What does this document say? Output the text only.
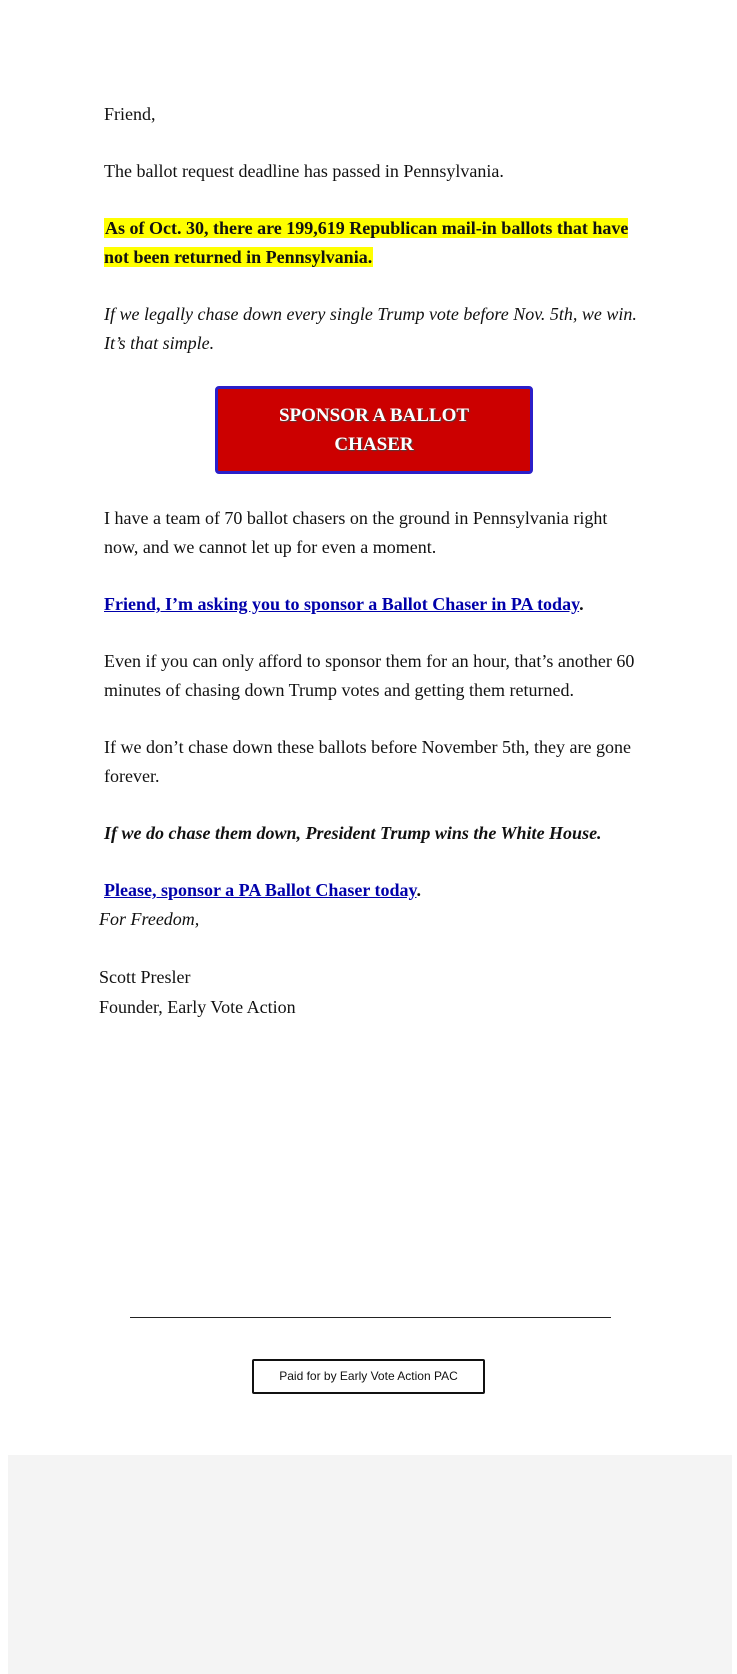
Friend,

The ballot request deadline has passed in Pennsylvania.

As of Oct. 30, there are 199,619 Republican mail-in ballots that have not been returned in Pennsylvania.

If we legally chase down every single Trump vote before Nov. 5th, we win. It’s that simple.

SPONSOR A BALLOT CHASER

I have a team of 70 ballot chasers on the ground in Pennsylvania right now, and we cannot let up for even a moment.

Friend, I’m asking you to sponsor a Ballot Chaser in PA today.

Even if you can only afford to sponsor them for an hour, that’s another 60 minutes of chasing down Trump votes and getting them returned.

If we don’t chase down these ballots before November 5th, they are gone forever.

If we do chase them down, President Trump wins the White House.

Please, sponsor a PA Ballot Chaser today.

For Freedom,
Scott Presler
Founder, Early Vote Action
Paid for by Early Vote Action PAC
